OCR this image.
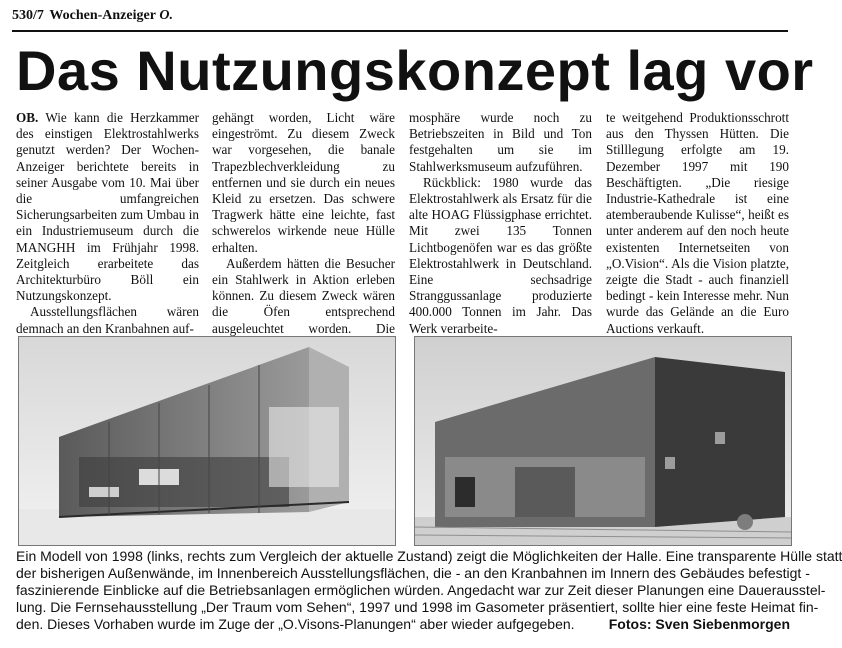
530/7 Wochen-Anzeiger O.
Das Nutzungskonzept lag vor

OB. Wie kann die Herzkammer des einstigen Elektrostahlwerks genutzt werden? Der Wochen-Anzeiger berichtete bereits in seiner Ausgabe vom 10. Mai über die umfangreichen Sicherungsarbeiten zum Umbau in ein Industriemuseum durch die MANGHH im Frühjahr 1998. Zeitgleich erarbeitete das Architekturbüro Böll ein Nutzungskonzept.

Ausstellungsflächen wären demnach an den Kranbahnen auf-

gehängt worden, Licht wäre eingeströmt. Zu diesem Zweck war vorgesehen, die banale Trapezblechverkleidung zu entfernen und sie durch ein neues Kleid zu ersetzen. Das schwere Tragwerk hätte eine leichte, fast schwerelos wirkende neue Hülle erhalten.

Außerdem hätten die Besucher ein Stahlwerk in Aktion erleben können. Zu diesem Zweck wären die Öfen entsprechend ausgeleuchtet worden. Die

mosphäre wurde noch zu Betriebszeiten in Bild und Ton festgehalten um sie im Stahlwerksmuseum aufzuführen.

Rückblick: 1980 wurde das Elektrostahlwerk als Ersatz für die alte HOAG Flüssigphase errichtet. Mit zwei 135 Tonnen Lichtbogenöfen war es das größte Elektrostahlwerk in Deutschland. Eine sechsadrige Stranggussanlage produzierte 400.000 Tonnen im Jahr. Das Werk verarbeite-

te weitgehend Produktionsschrott aus den Thyssen Hütten. Die Stilllegung erfolgte am 19. Dezember 1997 mit 190 Beschäftigten. „Die riesige Industrie-Kathedrale ist eine atemberaubende Kulisse“, heißt es unter anderem auf den noch heute existenten Internetseiten von „O.Vision“. Als die Vision platzte, zeigte die Stadt - auch finanziell bedingt - kein Interesse mehr. Nun wurde das Gelände an die Euro Auctions verkauft.

Ein Modell von 1998 (links, rechts zum Vergleich der aktuelle Zustand) zeigt die Möglichkeiten der Halle. Eine transparente Hülle statt
der bisherigen Außenwände, im Innenbereich Ausstellungsflächen, die - an den Kranbahnen im Innern des Gebäudes befestigt -
faszinierende Einblicke auf die Betriebsanlagen ermöglichen würden. Angedacht war zur Zeit dieser Planungen eine Dauerausstel-
lung. Die Fernsehausstellung „Der Traum vom Sehen“, 1997 und 1998 im Gasometer präsentiert, sollte hier eine feste Heimat fin-
den. Dieses Vorhaben wurde im Zuge der „O.Visons-Planungen“ aber wieder aufgegeben.	Fotos: Sven Siebenmorgen
